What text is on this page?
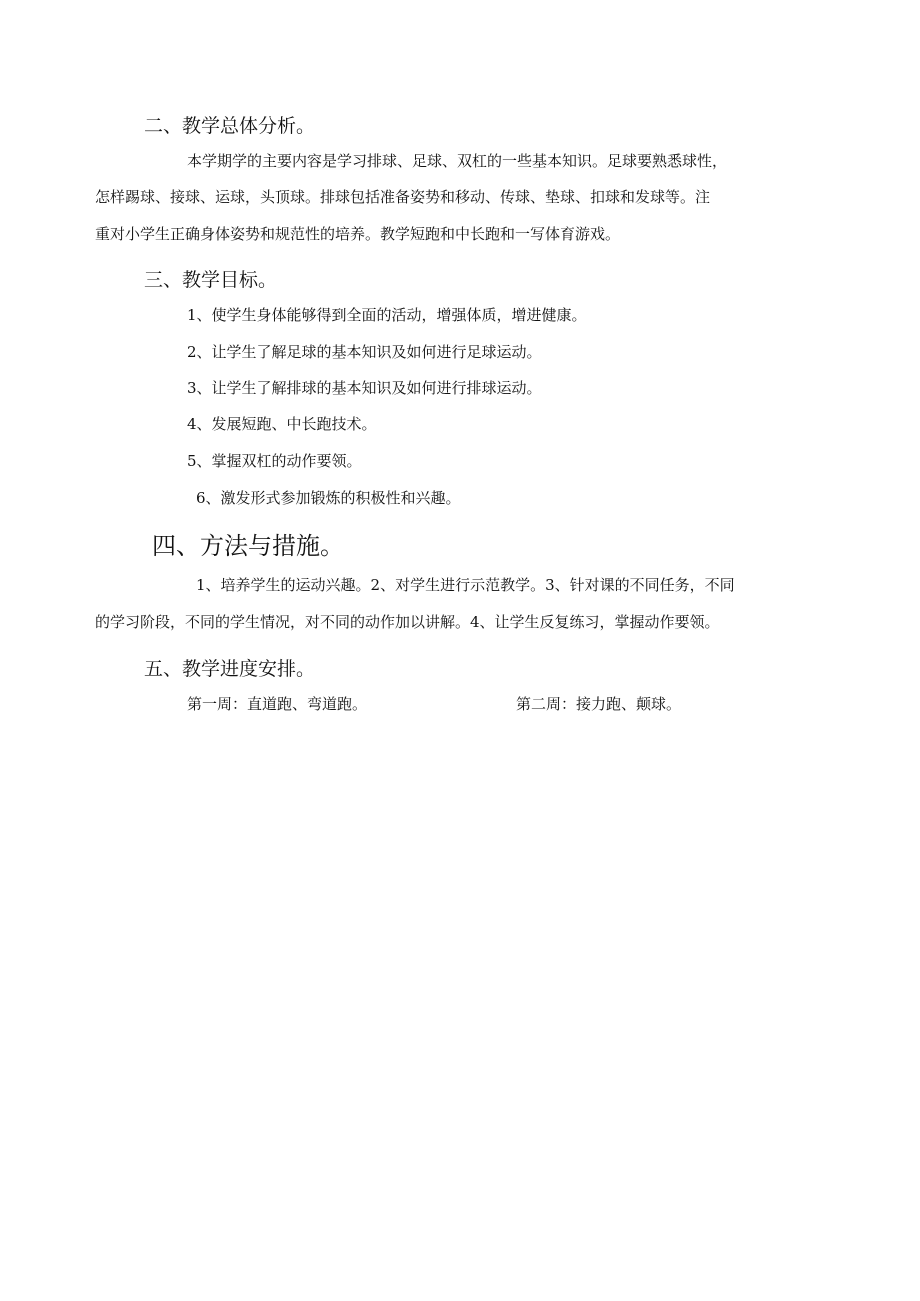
二、教学总体分析。
本学期学的主要内容是学习排球、足球、双杠的一些基本知识。足球要熟悉球性，
怎样踢球、接球、运球，头顶球。排球包括准备姿势和移动、传球、垫球、扣球和发球等。注
重对小学生正确身体姿势和规范性的培养。教学短跑和中长跑和一写体育游戏。
三、教学目标。
1、使学生身体能够得到全面的活动，增强体质，增进健康。
2、让学生了解足球的基本知识及如何进行足球运动。
3、让学生了解排球的基本知识及如何进行排球运动。
4、发展短跑、中长跑技术。
5、掌握双杠的动作要领。
6、激发形式参加锻炼的积极性和兴趣。
四、方法与措施。
1、培养学生的运动兴趣。2、对学生进行示范教学。3、针对课的不同任务，不同
的学习阶段，不同的学生情况，对不同的动作加以讲解。4、让学生反复练习，掌握动作要领。
五、教学进度安排。
第一周：直道跑、弯道跑。	第二周：接力跑、颠球。
